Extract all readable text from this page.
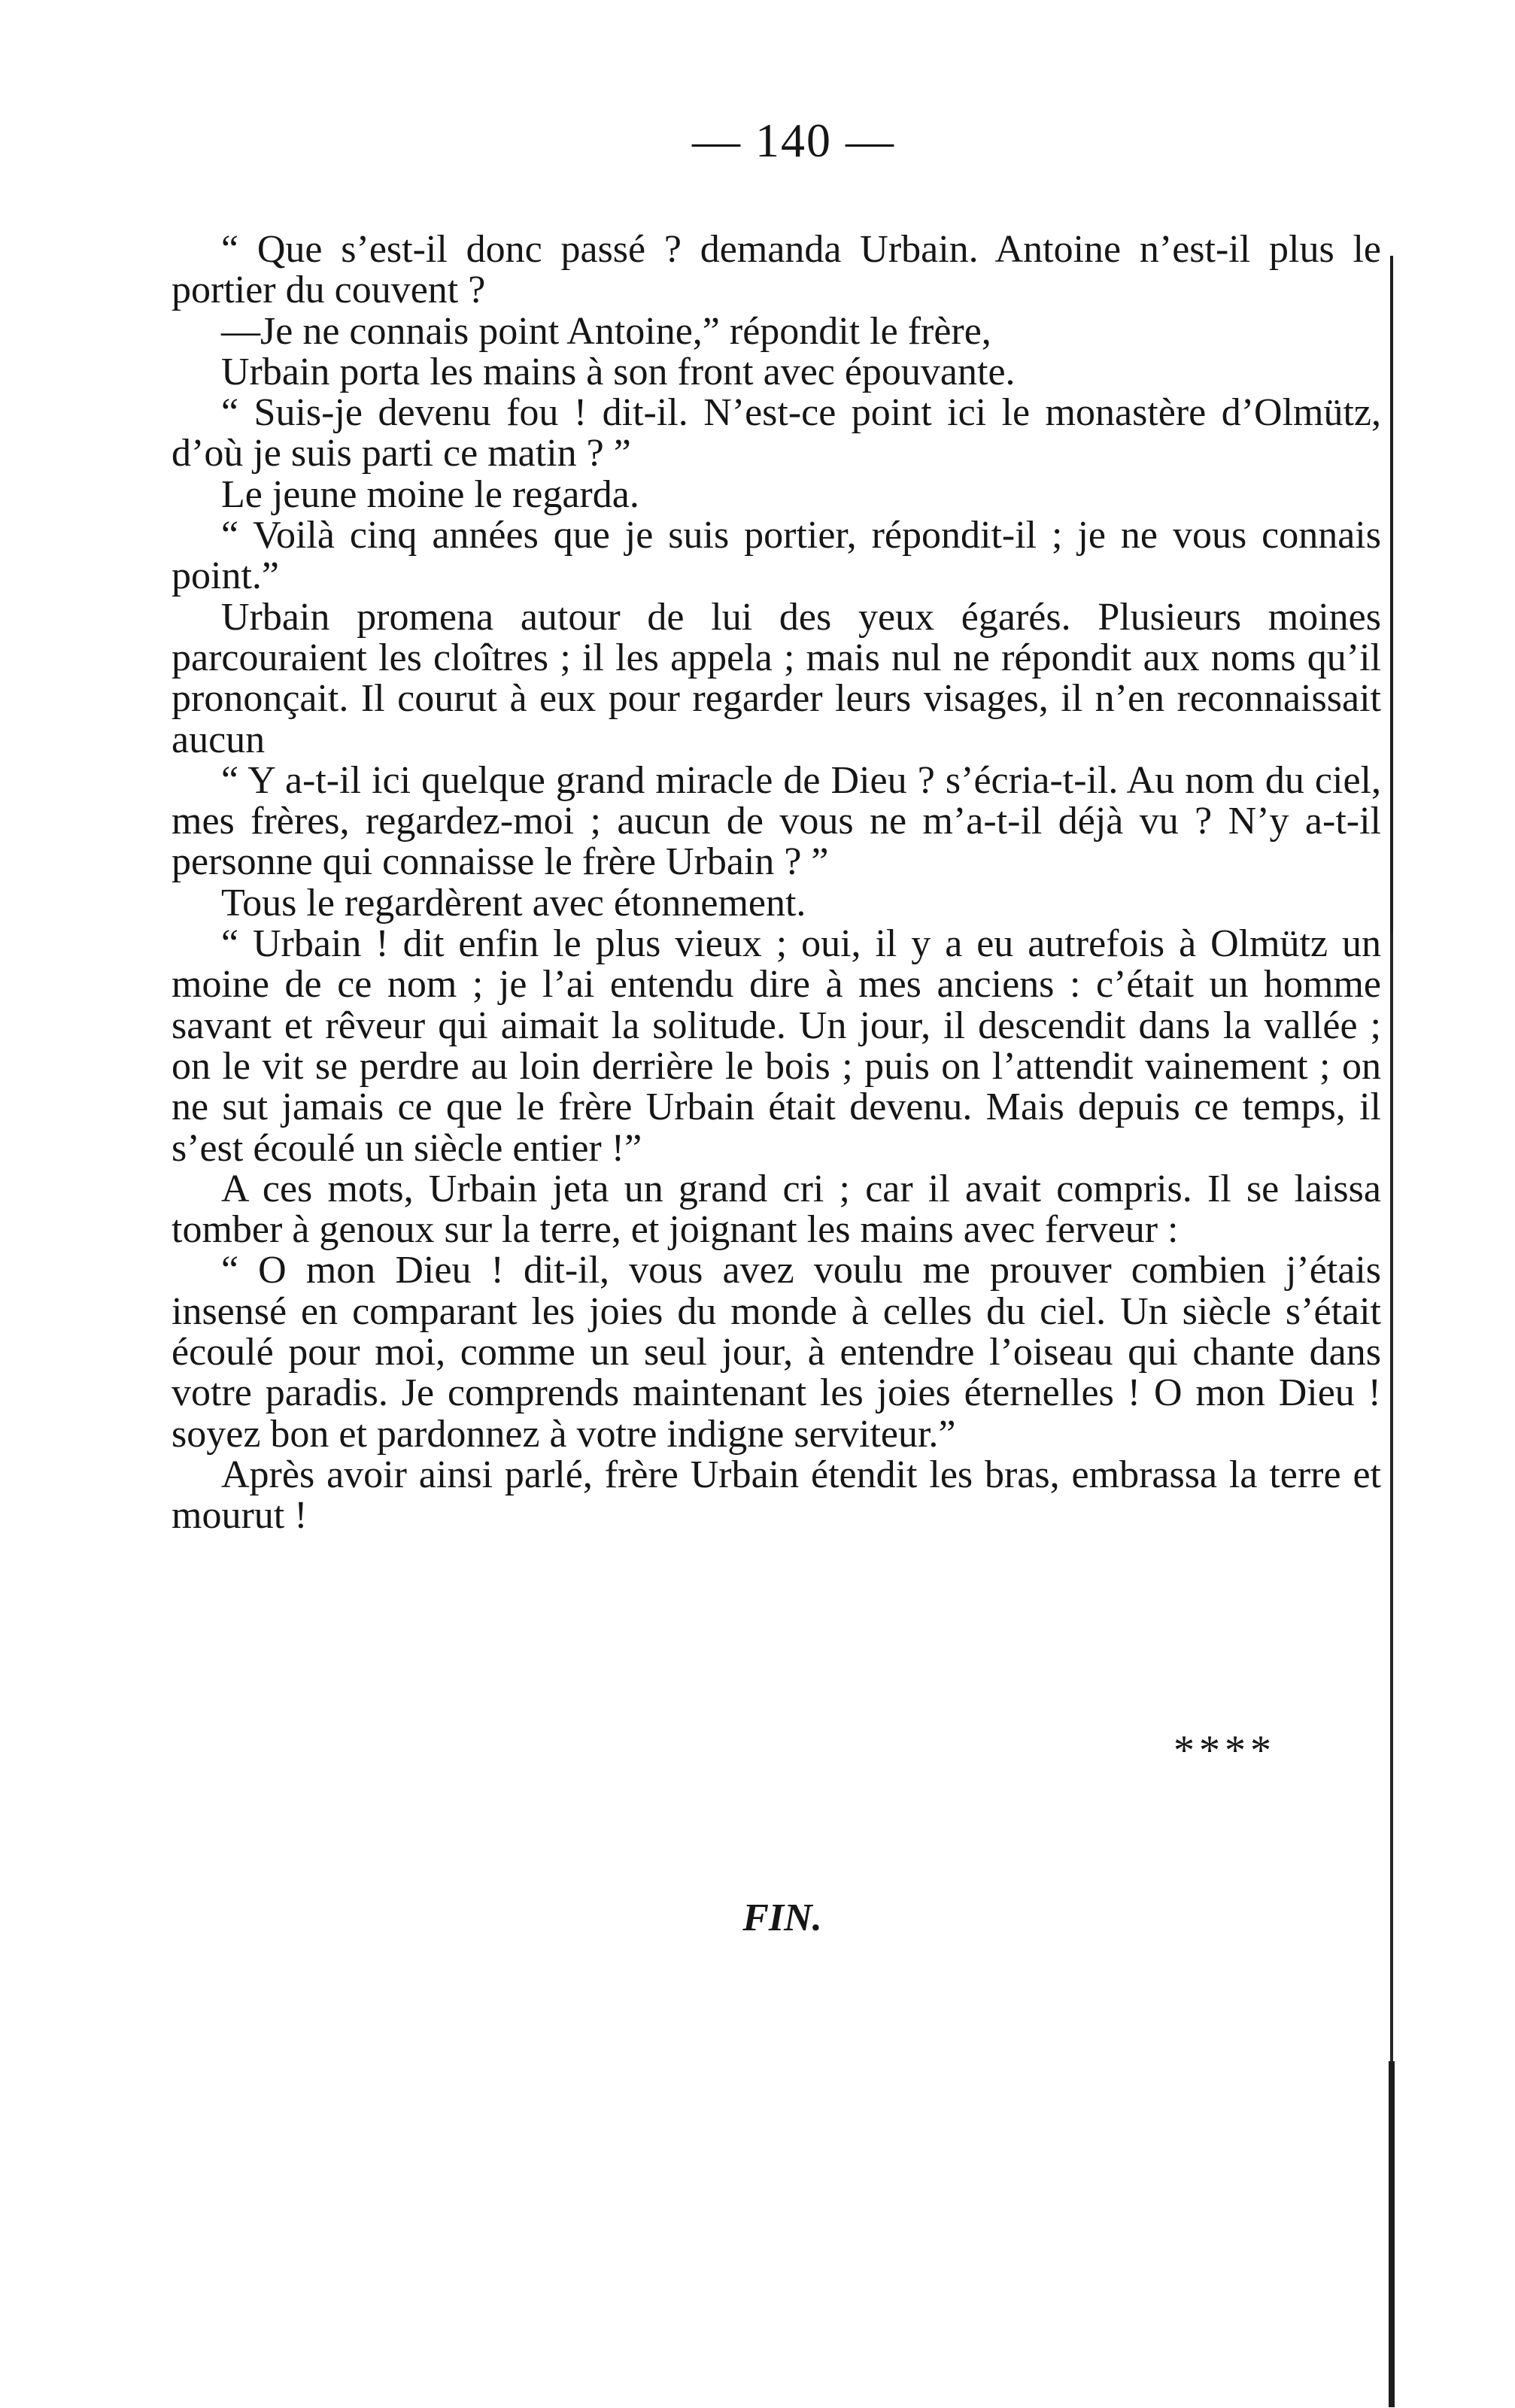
— 140 —

“ Que s’est-il donc passé ? demanda Urbain. Antoine n’est-il plus le portier du couvent ?

—Je ne connais point Antoine,” répondit le frère,

Urbain porta les mains à son front avec épouvante.

“ Suis-je devenu fou ! dit-il. N’est-ce point ici le monastère d’Olmütz, d’où je suis parti ce matin ? ”

Le jeune moine le regarda.

“ Voilà cinq années que je suis portier, répondit-il ; je ne vous connais point.”

Urbain promena autour de lui des yeux égarés. Plusieurs moines parcouraient les cloîtres ; il les appela ; mais nul ne répondit aux noms qu’il prononçait. Il courut à eux pour regarder leurs visages, il n’en reconnaissait aucun

“ Y a-t-il ici quelque grand miracle de Dieu ? s’écria-t-il. Au nom du ciel, mes frères, regardez-moi ; aucun de vous ne m’a-t-il déjà vu ? N’y a-t-il personne qui connaisse le frère Urbain ? ”

Tous le regardèrent avec étonnement.

“ Urbain ! dit enfin le plus vieux ; oui, il y a eu autrefois à Olmütz un moine de ce nom ; je l’ai entendu dire à mes anciens : c’était un homme savant et rêveur qui aimait la solitude. Un jour, il descendit dans la vallée ; on le vit se perdre au loin derrière le bois ; puis on l’attendit vainement ; on ne sut jamais ce que le frère Urbain était devenu. Mais depuis ce temps, il s’est écoulé un siècle entier !”

A ces mots, Urbain jeta un grand cri ; car il avait compris. Il se laissa tomber à genoux sur la terre, et joignant les mains avec ferveur :

“ O mon Dieu ! dit-il, vous avez voulu me prouver combien j’étais insensé en comparant les joies du monde à celles du ciel. Un siècle s’était écoulé pour moi, comme un seul jour, à entendre l’oiseau qui chante dans votre paradis. Je comprends maintenant les joies éternelles ! O mon Dieu ! soyez bon et pardonnez à votre indigne serviteur.”

Après avoir ainsi parlé, frère Urbain étendit les bras, embrassa la terre et mourut !

****
FIN.
